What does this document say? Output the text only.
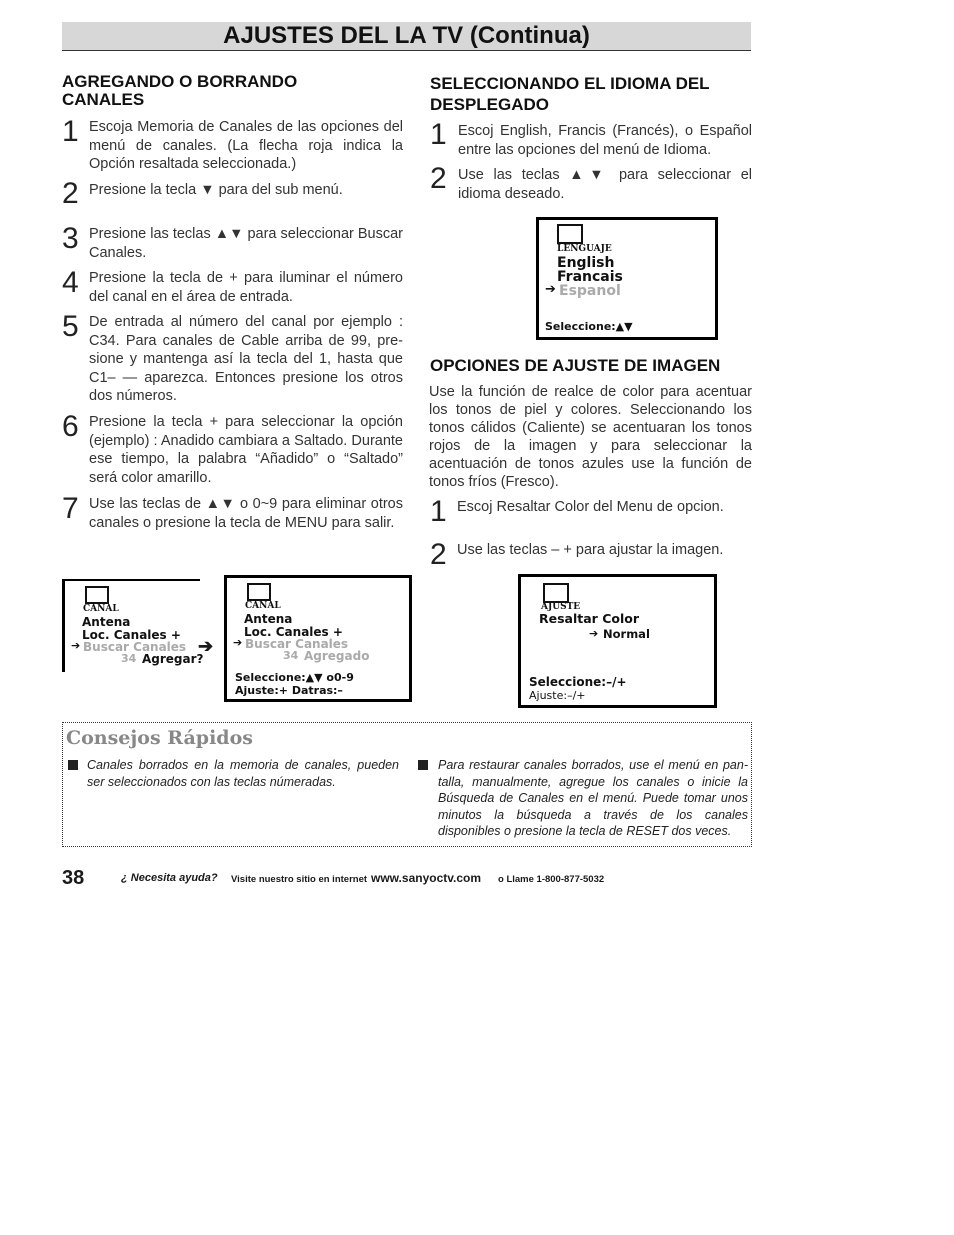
AJUSTES DEL LA TV (Continua)
AGREGANDO O BORRANDO
CANALES
1 Escoja Memoria de Canales de las opciones del menú de canales. (La flecha roja indica la Opción resaltada seleccionada.)
2 Presione la tecla ▼ para del sub menú.
3 Presione las teclas ▲▼ para seleccionar Buscar Canales.
4 Presione la tecla de + para iluminar el número del canal en el área de entrada.
5 De entrada al número del canal por ejemplo : C34. Para canales de Cable arriba de 99, pre-sione y mantenga así la tecla del 1, hasta que C1– — aparezca. Entonces presione los otros dos números.
6 Presione la tecla + para seleccionar la opción (ejemplo) : Anadido cambiara a Saltado. Durante ese tiempo, la palabra “Añadido” o “Saltado” será color amarillo.
7 Use las teclas de ▲▼ o 0~9 para eliminar otros canales o presione la tecla de MENU para salir.
SELECCIONANDO EL IDIOMA DEL
DESPLEGADO
1 Escoj English, Francis (Francés), o Español entre las opciones del menú de Idioma.
2 Use las teclas ▲▼ para seleccionar el idioma deseado.
LENGUAJE
English
Francais
➔ Espanol
Seleccione:▲▼
OPCIONES DE AJUSTE DE IMAGEN
Use la función de realce de color para acentuar los tonos de piel y colores. Seleccionando los tonos cálidos (Caliente) se acentuaran los tonos rojos de la imagen y para seleccionar la acentuación de tonos azules use la función de tonos fríos (Fresco).
1 Escoj Resaltar Color del Menu de opcion.
2 Use las teclas – + para ajustar la imagen.
CANAL
Antena
Loc. Canales +
➔ Buscar Canales
34 Agregar?
➔
CANAL
Antena
Loc. Canales +
➔ Buscar Canales
34 Agregado
Seleccione:▲▼ o0-9
Ajuste:+ Datras:–
AJUSTE
Resaltar Color
➔ Normal
Seleccione:–/+
Ajuste:–/+
Consejos Rápidos
Canales borrados en la memoria de canales, pueden ser seleccionados con las teclas númeradas.
Para restaurar canales borrados, use el menú en pan-talla, manualmente, agregue los canales o inicie la Búsqueda de Canales en el menú. Puede tomar unos minutos la búsqueda a través de los canales disponibles o presione la tecla de RESET dos veces.
38	¿ Necesita ayuda? Visite nuestro sitio en internet www.sanyoctv.com o Llame 1-800-877-5032
